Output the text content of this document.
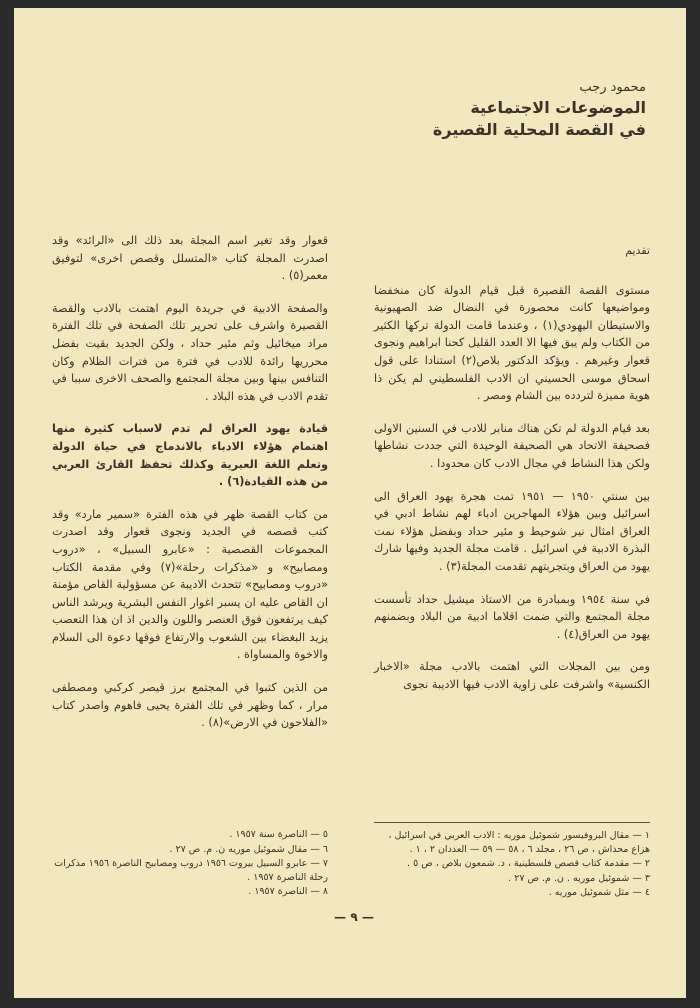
محمود رجب

الموضوعات الاجتماعية

في القصة المحلية القصيرة

تقديم

مستوى القصة القصيرة قبل قيام الدولة كان منخفضا ومواضيعها كانت محصورة في النضال ضد الصهيونية والاستيطان اليهودي(١) ، وعندما قامت الدولة تركها الكثير من الكتاب ولم يبق فيها الا العدد القليل كحنا ابراهيم ونجوى قعوار وغيرهم . ويؤكد الدكتور بلاص(٢) استنادا على قول اسحاق موسى الحسيني ان الادب الفلسطيني لم يكن ذا هوية مميزة لتردده بين الشام ومصر .

بعد قيام الدولة لم تكن هناك منابر للادب في السنين الاولى فصحيفة الاتحاد هي الصحيفة الوحيدة التي جددت نشاطها ولكن هذا النشاط في مجال الادب كان محدودا .

بين سنتي ١٩٥٠ — ١٩٥١ تمت هجرة يهود العراق الى اسرائيل وبين هؤلاء المهاجرين ادباء لهم نشاط ادبي في العراق امثال نير شوحيط و مئير حداد وبفضل هؤلاء نمت البذرة الادبية في اسرائيل . قامت مجلة الجديد وفيها شارك يهود من العراق وبتجربتهم تقدمت المجلة(٣) .

في سنة ١٩٥٤ وبمبادرة من الاستاذ ميشيل حداد تأسست مجلة المجتمع والتي ضمت اقلاما ادبية من البلاد وبضمنهم يهود من العراق(٤) .

ومن بين المجلات التي اهتمت بالادب مجلة «الاخبار الكنسية» واشرفت على زاوية الادب فيها الاديبة نجوى

قعوار وقد تغير اسم المجلة بعد ذلك الى «الرائد» وقد اصدرت المجلة كتاب «المتسلل وقصص اخرى» لتوفيق معمر(٥) .

والصفحة الادبية في جريدة اليوم اهتمت بالادب والقصة القصيرة واشرف على تحرير تلك الصفحة في تلك الفترة مراد ميخائيل وثم مئير حداد ، ولكن الجديد بقيت بفضل محرريها رائدة للادب في فترة من فترات الظلام وكان التنافس بينها وبين مجلة المجتمع والصحف الاخرى سببا في تقدم الادب في هذه البلاد .

قيادة يهود العراق لم تدم لاسباب كثيرة منها اهتمام هؤلاء الادباء بالاندماج في حياة الدولة وتعلم اللغة العبرية وكذلك تحفظ القارئ العربي من هذه القيادة(٦) .

من كتاب القصة ظهر في هذه الفترة «سمير مارد» وقد كتب قصصه في الجديد ونجوى قعوار وقد اصدرت المجموعات القصصية : «عابرو السبيل» ، «دروب ومصابيح» و «مذكرات رحلة»(٧) وفي مقدمة الكتاب «دروب ومصابيح» تتحدث الاديبة عن مسؤولية القاص مؤمنة ان القاص عليه ان يسبر اغوار النفس البشرية ويرشد الناس كيف يرتفعون فوق العنصر واللون والدين اذ ان هذا التعصب يزيد البغضاء بين الشعوب والارتفاع فوقها دعوة الى السلام والاخوة والمساواة .

من الذين كتبوا في المجتمع برز قيصر كركبي ومصطفى مرار ، كما وظهر في تلك الفترة يحيى فاهوم واصدر كتاب «الفلاحون في الارض»(٨) .

١ — مقال البروفيسور شموئيل موريه : الادب العربي في اسرائيل ، هزاع محداش ، ص ٢٦ ، مجلد ٦ ، ٥٨ — ٥٩ — العددان ٢ ، ١ .
٢ — مقدمة كتاب قصص فلسطينية ، د. شمعون بلاص ، ص ٥ .
٣ — شموئيل موريه . ن. م. ص ٢٧ .
٤ — مثل شموئيل موريه .
٥ — الناصرة سنة ١٩٥٧ .
٦ — مقال شموئيل موريه ن. م. ص ٢٧ .
٧ — عابرو السبيل بيروت ١٩٥٦ دروب ومصابيح الناصرة ١٩٥٦ مذكرات رحلة الناصرة ١٩٥٧ .
٨ — الناصرة ١٩٥٧ .
— ٩ —
